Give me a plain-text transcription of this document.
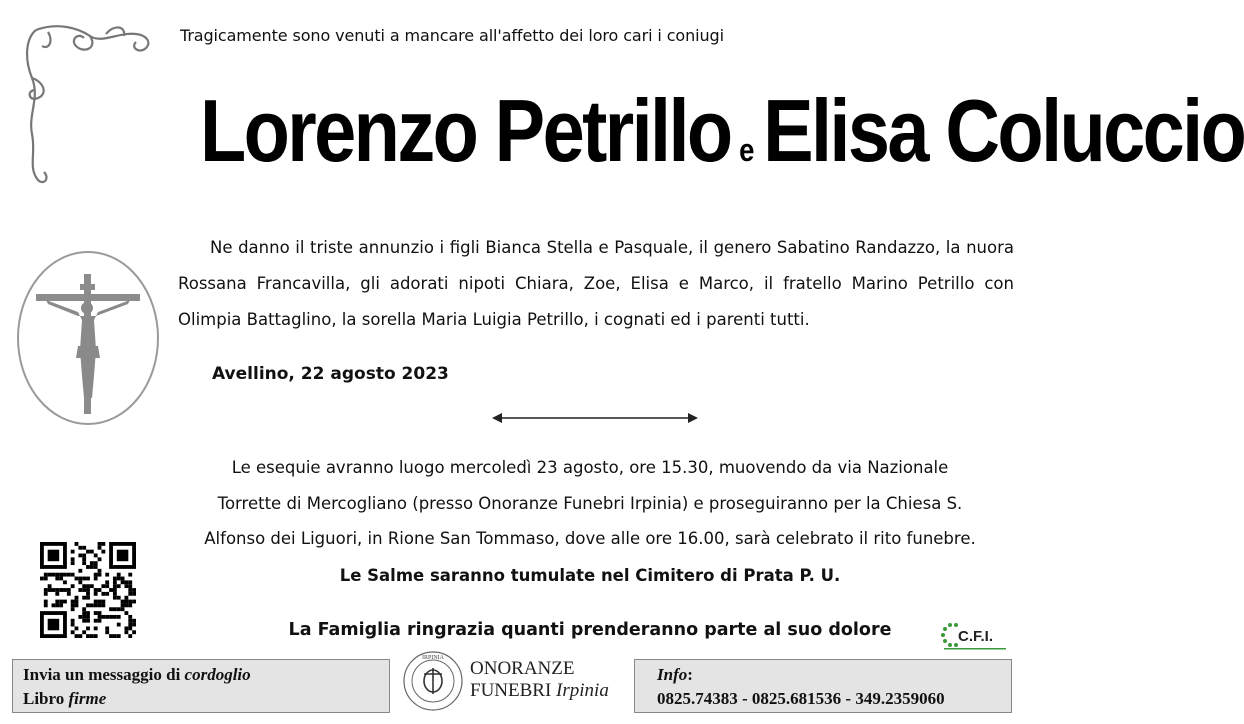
Tragicamente sono venuti a mancare all'affetto dei loro cari i coniugi
Lorenzo Petrillo eElisa Coluccio
Ne danno il triste annunzio i figli Bianca Stella e Pasquale, il genero Sabatino Randazzo, la nuora Rossana Francavilla, gli adorati nipoti Chiara, Zoe, Elisa e Marco, il fratello Marino Petrillo con Olimpia Battaglino, la sorella Maria Luigia Petrillo, i cognati ed i parenti tutti.
Avellino, 22 agosto 2023
Le esequie avranno luogo mercoledì 23 agosto, ore 15.30, muovendo da via Nazionale
Torrette di Mercogliano (presso Onoranze Funebri Irpinia) e proseguiranno per la Chiesa S.
Alfonso dei Liguori, in Rione San Tommaso, dove alle ore 16.00, sarà celebrato il rito funebre.
Le Salme saranno tumulate nel Cimitero di Prata P. U.
La Famiglia ringrazia quanti prenderanno parte al suo dolore	C.F.I.
Invia un messaggio di cordoglio
Libro firme
IRPINIA ONORANZE
FUNEBRI Irpinia
Info:
0825.74383 - 0825.681536 - 349.2359060
